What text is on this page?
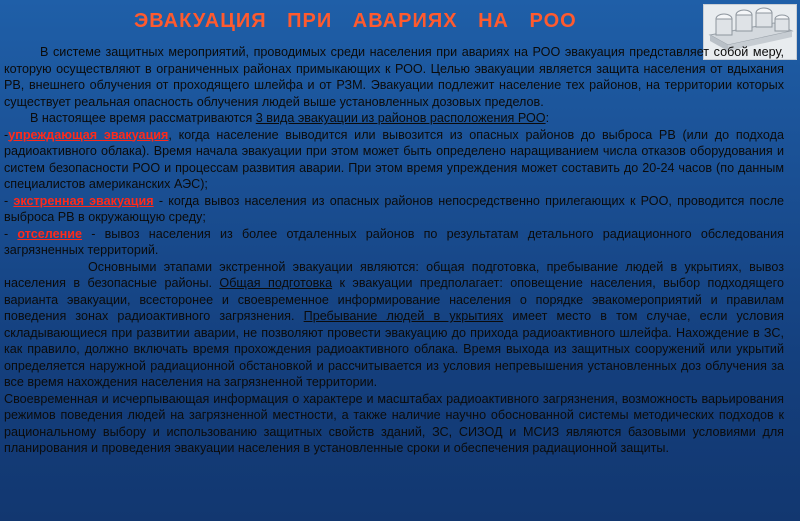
ЭВАКУАЦИЯ ПРИ АВАРИЯХ НА РОО

В системе защитных мероприятий, проводимых среди населения при авариях на РОО эвакуация представляет собой меру, которую осуществляют в ограниченных районах примыкающих к РОО. Целью эвакуации является защита населения от вдыхания РВ, внешнего облучения от проходящего шлейфа и от РЗМ. Эвакуации подлежит население тех районов, на территории которых существует реальная опасность облучения людей выше установленных дозовых пределов.

В настоящее время рассматриваются 3 вида эвакуации из районов расположения РОО:

-упреждающая эвакуация, когда население выводится или вывозится из опасных районов до выброса РВ (или до подхода радиоактивного облака). Время начала эвакуации при этом может быть определено наращиванием числа отказов оборудования и систем безопасности РОО и процессам развития аварии. При этом время упреждения может составить до 20-24 часов (по данным специалистов американских АЭС);

- экстренная эвакуация - когда вывоз населения из опасных районов непосредственно прилегающих к РОО, проводится после выброса РВ в окружающую среду;

- отселение - вывоз населения из более отдаленных районов по результатам детального радиационного обследования загрязненных территорий.

Основными этапами экстренной эвакуации являются: общая подготовка, пребывание людей в укрытиях, вывоз населения в безопасные районы. Общая подготовка к эвакуации предполагает: оповещение населения, выбор подходящего варианта эвакуации, всесторонее и своевременное информирование населения о порядке эвакомероприятий и правилам поведения зонах радиоактивного загрязнения. Пребывание людей в укрытиях имеет место в том случае, если условия складывающиеся при развитии аварии, не позволяют провести эвакуацию до прихода радиоактивного шлейфа. Нахождение в ЗС, как правило, должно включать время прохождения радиоактивного облака. Время выхода из защитных сооружений или укрытий определяется наружной радиационной обстановкой и рассчитывается из условия непревышения установленных доз облучения за все время нахождения населения на загрязненной территории.

Своевременная и исчерпывающая информация о характере и масштабах радиоактивного загрязнения, возможность варьирования режимов поведения людей на загрязненной местности, а также наличие научно обоснованной системы методических подходов к рациональному выбору и использованию защитных свойств зданий, ЗС, СИЗОД и МСИЗ являются базовыми условиями для планирования и проведения эвакуации населения в установленные сроки и обеспечения радиационной защиты.
